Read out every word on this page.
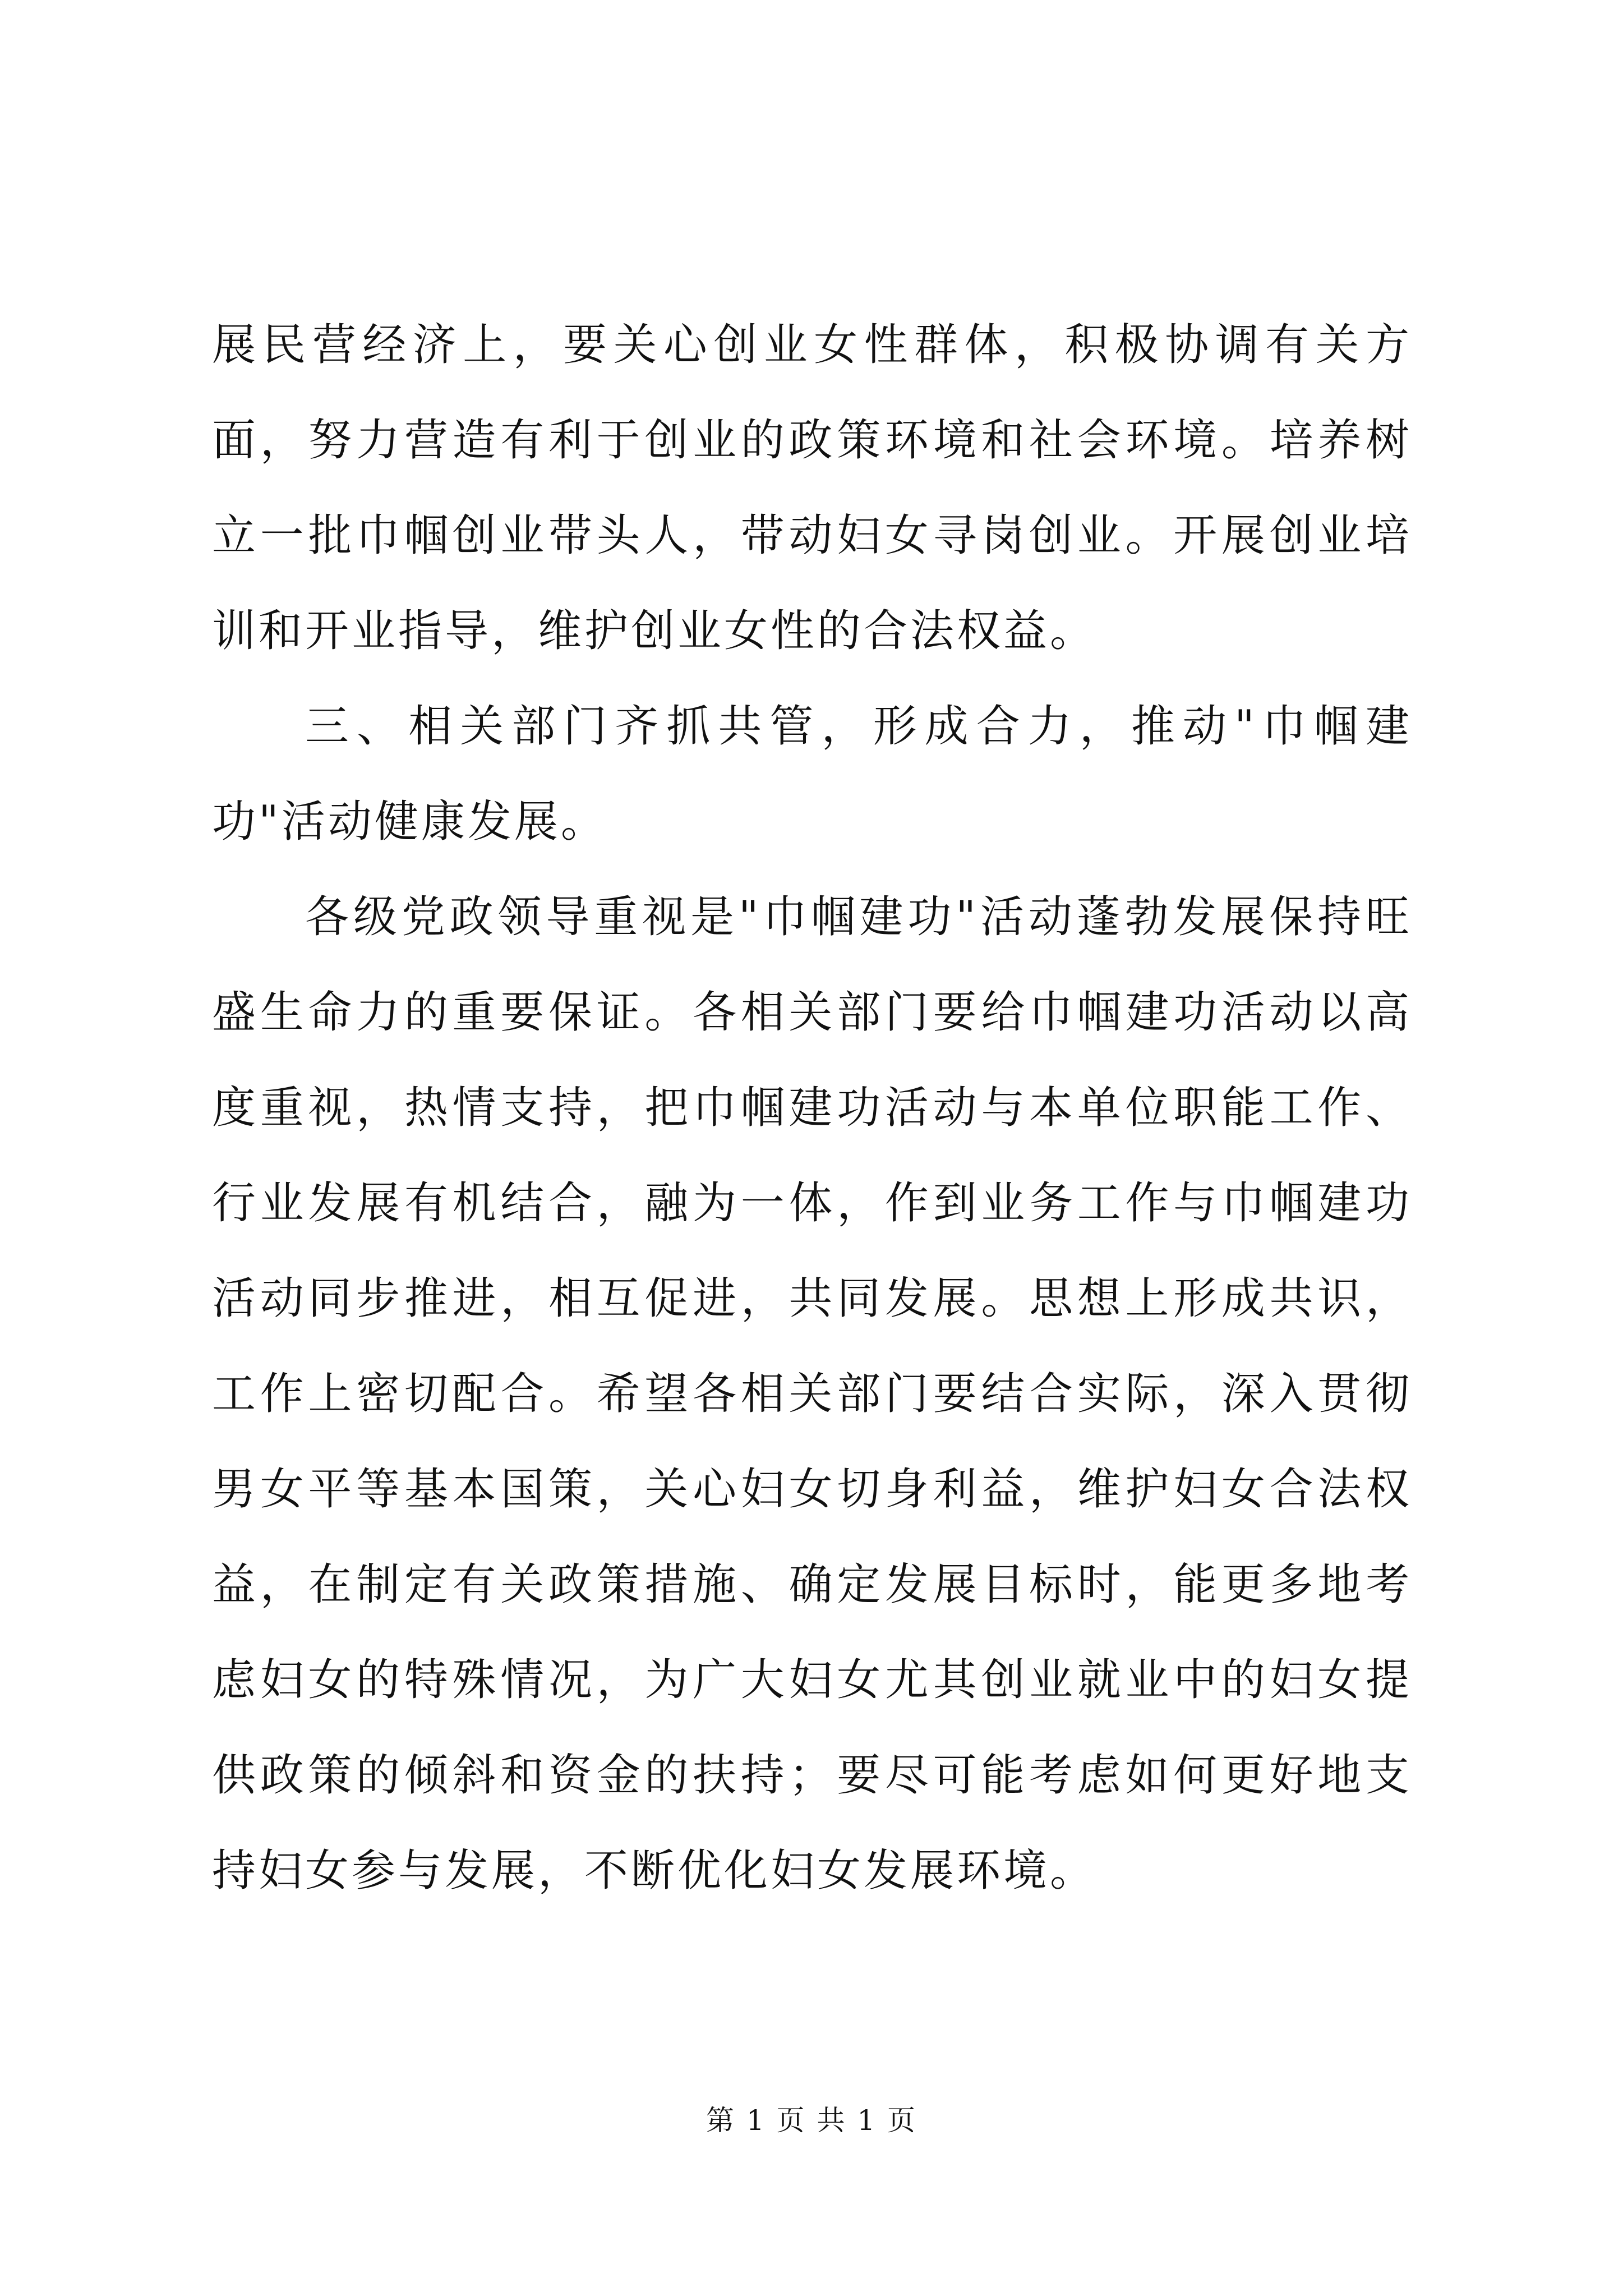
展民营经济上，要关心创业女性群体，积极协调有关方面，努力营造有利于创业的政策环境和社会环境。培养树立一批巾帼创业带头人，带动妇女寻岗创业。开展创业培训和开业指导，维护创业女性的合法权益。

三、相关部门齐抓共管，形成合力，推动"巾帼建功"活动健康发展。

各级党政领导重视是"巾帼建功"活动蓬勃发展保持旺盛生命力的重要保证。各相关部门要给巾帼建功活动以高度重视，热情支持，把巾帼建功活动与本单位职能工作、行业发展有机结合，融为一体，作到业务工作与巾帼建功活动同步推进，相互促进，共同发展。思想上形成共识，工作上密切配合。希望各相关部门要结合实际，深入贯彻男女平等基本国策，关心妇女切身利益，维护妇女合法权益，在制定有关政策措施、确定发展目标时，能更多地考虑妇女的特殊情况，为广大妇女尤其创业就业中的妇女提供政策的倾斜和资金的扶持；要尽可能考虑如何更好地支持妇女参与发展，不断优化妇女发展环境。

第 1 页 共 1 页
